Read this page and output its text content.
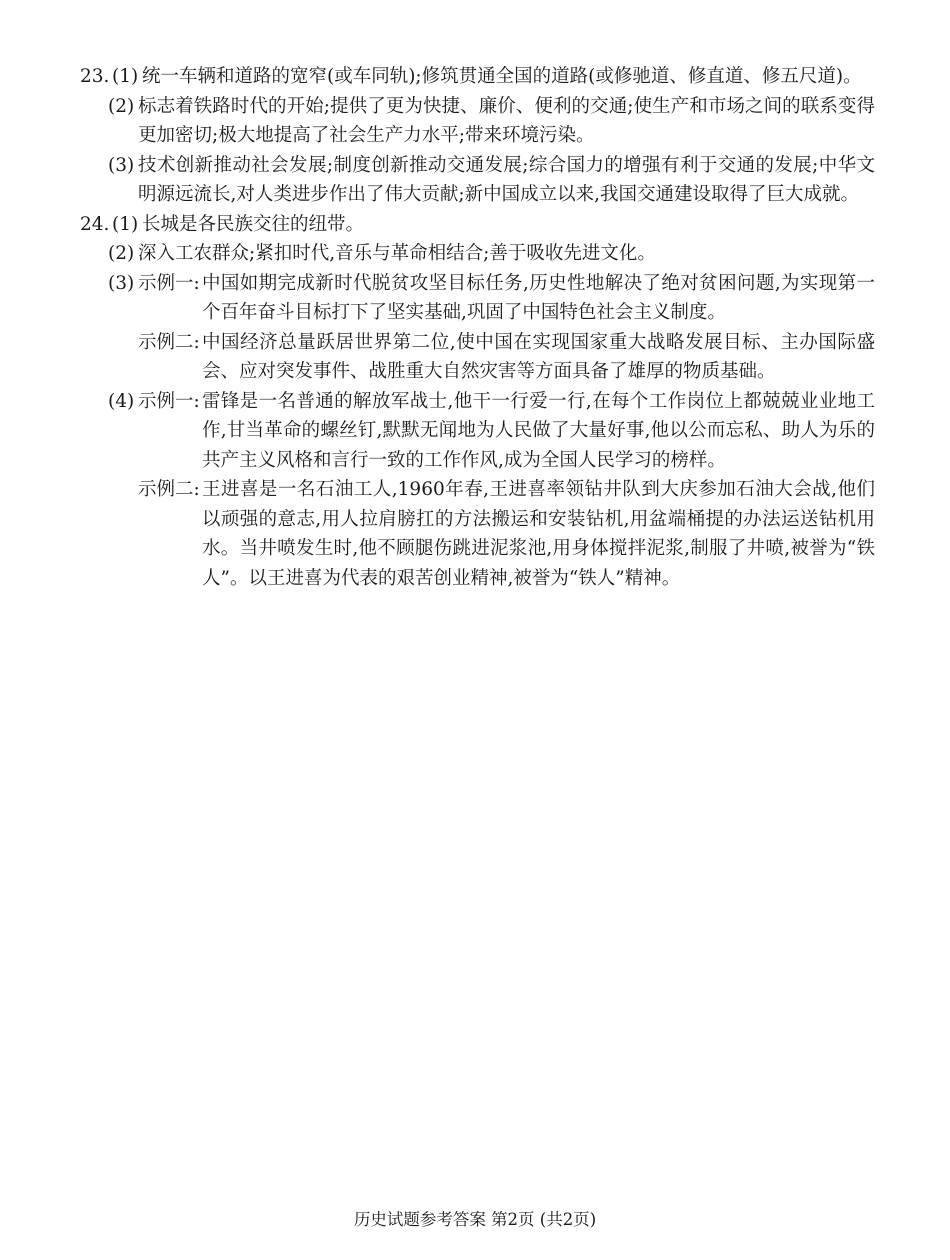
23. (1) 统一车辆和道路的宽窄(或车同轨);修筑贯通全国的道路(或修驰道、修直道、修五尺道)。
(2) 标志着铁路时代的开始;提供了更为快捷、廉价、便利的交通;使生产和市场之间的联系变得更加密切;极大地提高了社会生产力水平;带来环境污染。
(3) 技术创新推动社会发展;制度创新推动交通发展;综合国力的增强有利于交通的发展;中华文明源远流长,对人类进步作出了伟大贡献;新中国成立以来,我国交通建设取得了巨大成就。
24. (1) 长城是各民族交往的纽带。
(2) 深入工农群众;紧扣时代,音乐与革命相结合;善于吸收先进文化。
(3) 示例一: 中国如期完成新时代脱贫攻坚目标任务,历史性地解决了绝对贫困问题,为实现第一个百年奋斗目标打下了坚实基础,巩固了中国特色社会主义制度。
示例二: 中国经济总量跃居世界第二位,使中国在实现国家重大战略发展目标、主办国际盛会、应对突发事件、战胜重大自然灾害等方面具备了雄厚的物质基础。
(4) 示例一: 雷锋是一名普通的解放军战士,他干一行爱一行,在每个工作岗位上都兢兢业业地工作,甘当革命的螺丝钉,默默无闻地为人民做了大量好事,他以公而忘私、助人为乐的共产主义风格和言行一致的工作作风,成为全国人民学习的榜样。
示例二: 王进喜是一名石油工人,1960年春,王进喜率领钻井队到大庆参加石油大会战,他们以顽强的意志,用人拉肩膀扛的方法搬运和安装钻机,用盆端桶提的办法运送钻机用水。当井喷发生时,他不顾腿伤跳进泥浆池,用身体搅拌泥浆,制服了井喷,被誉为“铁人”。以王进喜为代表的艰苦创业精神,被誉为“铁人”精神。
历史试题参考答案 第2页 (共2页)
